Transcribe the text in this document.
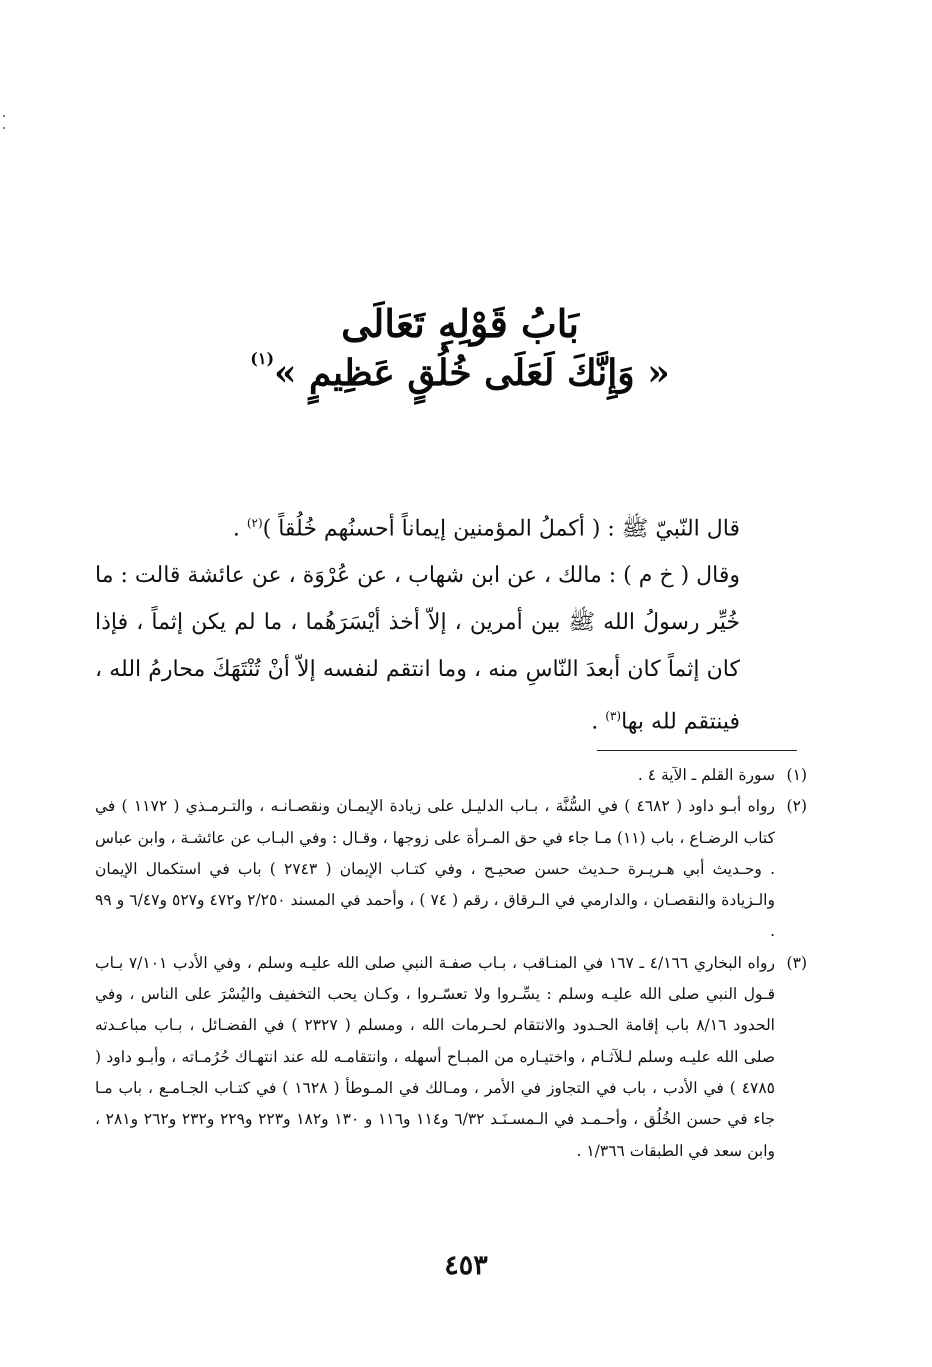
بَابُ قَوْلِهِ تَعَالَى
« وَإِنَّكَ لَعَلَى خُلُقٍ عَظِيمٍ »$^{(١)}$

قال النّبيّ ﷺ : ( أكملُ المؤمنين إيماناً أحسنُهم خُلُقاً )$^{(٢)}$ .

وقال ( خ م ) : مالك ، عن ابن شهاب ، عن عُرْوَة ، عن عائشة قالت : ما خُيِّر رسولُ الله ﷺ بين أمرين ، إلاّ أخذ أيْسَرَهُما ، ما لم يكن إثماً ، فإذا كان إثماً كان أبعدَ النّاسِ منه ، وما انتقم لنفسه إلاّ أنْ تُنْتَهَكَ محارمُ الله ، فينتقم لله بها$^{(٣)}$ .

(١)سورة القلم ـ الآية ٤ .

(٢)رواه أبـو داود ( ٤٦٨٢ ) في السُّنَّة ، بـاب الدليـل على زيادة الإيمـان ونقصـانـه ، والتـرمـذي ( ١١٧٢ ) في كتاب الرضـاع ، باب (١١) مـا جاء في حق المـرأة على زوجها ، وقـال : وفي البـاب عن عائشـة ، وابن عباس . وحـديث أبي هـريـرة حـديث حسن صحيـح ، وفي كتـاب الإيمان ( ٢٧٤٣ ) باب في استكمال الإيمان والـزيادة والنقصـان ، والدارمي في الـرقاق ، رقم ( ٧٤ ) ، وأحمد في المسند ٢/٢٥٠ و٤٧٢ و٥٢٧ و٦/٤٧ و ٩٩ .

(٣)رواه البخاري ٤/١٦٦ ـ ١٦٧ في المنـاقب ، بـاب صفـة النبي صلى الله عليـه وسلم ، وفي الأدب ٧/١٠١ بـاب قـول النبي صلى الله عليـه وسلم : يسِّـروا ولا تعسّـروا ، وكـان يحب التخفيف واليُسْرَ على الناس ، وفي الحدود ٨/١٦ باب إقامة الحـدود والانتقام لحـرمات الله ، ومسلم ( ٢٣٢٧ ) في الفضـائل ، بـاب مباعـدته صلى الله عليـه وسلم لـلآثـام ، واختيـاره من المبـاح أسهله ، وانتقامـه لله عند انتهـاك حُرُمـاته ، وأبـو داود ( ٤٧٨٥ ) في الأدب ، باب في التجاوز في الأمر ، ومـالك في المـوطأ ( ١٦٢٨ ) في كتـاب الجـامـع ، باب مـا جاء في حسن الخُلُق ، وأحـمـد في الـمسـنَـد ٦/٣٢ و١١٤ و١١٦ و ١٣٠ و١٨٢ و٢٢٣ و٢٢٩ و٢٣٢ و٢٦٢ و٢٨١ ، وابن سعد في الطبقات ١/٣٦٦ .

٤٥٣
